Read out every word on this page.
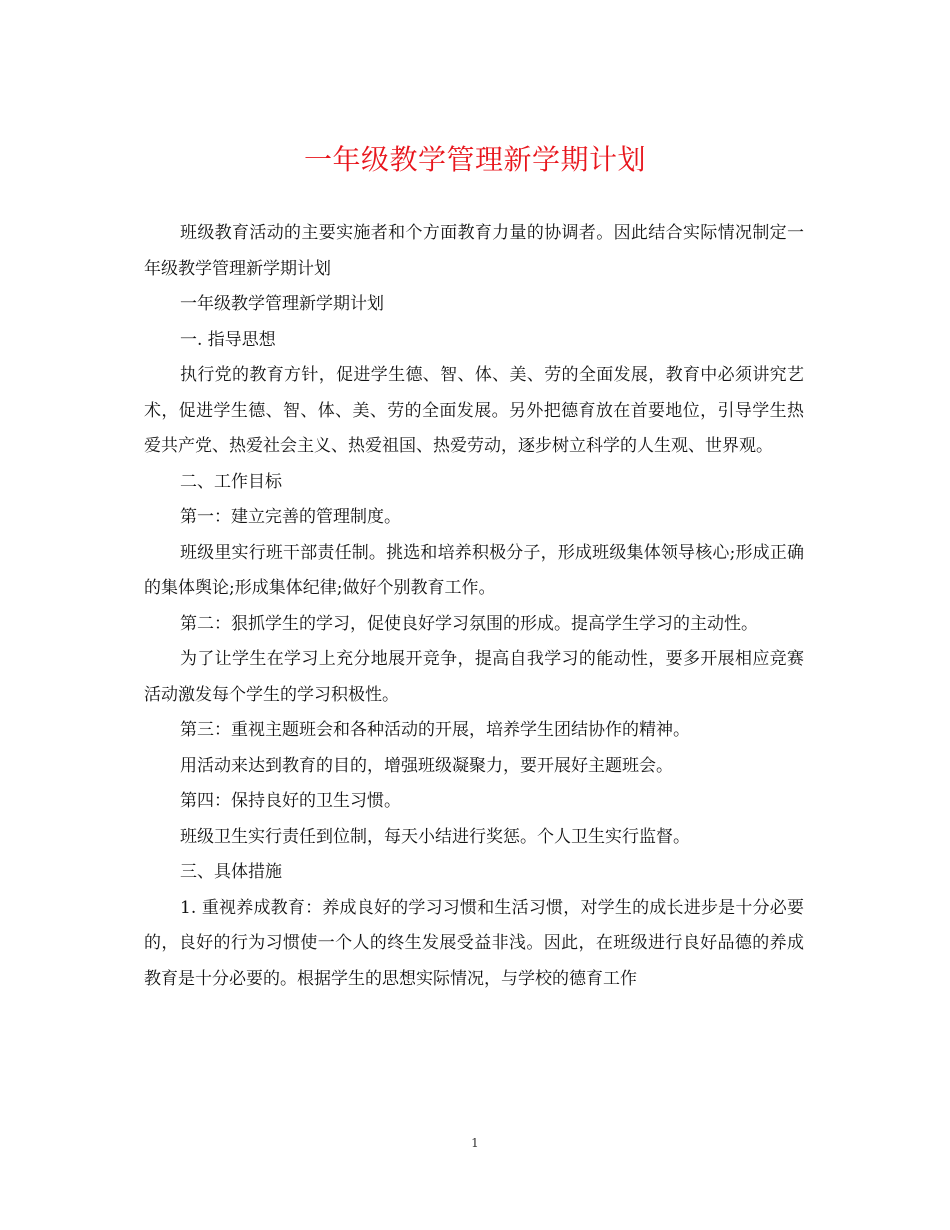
一年级教学管理新学期计划

班级教育活动的主要实施者和个方面教育力量的协调者。因此结合实际情况制定一年级教学管理新学期计划

一年级教学管理新学期计划

一. 指导思想

执行党的教育方针，促进学生德、智、体、美、劳的全面发展，教育中必须讲究艺术，促进学生德、智、体、美、劳的全面发展。另外把德育放在首要地位，引导学生热爱共产党、热爱社会主义、热爱祖国、热爱劳动，逐步树立科学的人生观、世界观。

二、工作目标

第一：建立完善的管理制度。

班级里实行班干部责任制。挑选和培养积极分子，形成班级集体领导核心;形成正确的集体舆论;形成集体纪律;做好个别教育工作。

第二：狠抓学生的学习，促使良好学习氛围的形成。提高学生学习的主动性。

为了让学生在学习上充分地展开竞争，提高自我学习的能动性，要多开展相应竞赛活动激发每个学生的学习积极性。

第三：重视主题班会和各种活动的开展，培养学生团结协作的精神。

用活动来达到教育的目的，增强班级凝聚力，要开展好主题班会。

第四：保持良好的卫生习惯。

班级卫生实行责任到位制，每天小结进行奖惩。个人卫生实行监督。

三、具体措施

1. 重视养成教育：养成良好的学习习惯和生活习惯，对学生的成长进步是十分必要的，良好的行为习惯使一个人的终生发展受益非浅。因此，在班级进行良好品德的养成教育是十分必要的。根据学生的思想实际情况，与学校的德育工作

1
